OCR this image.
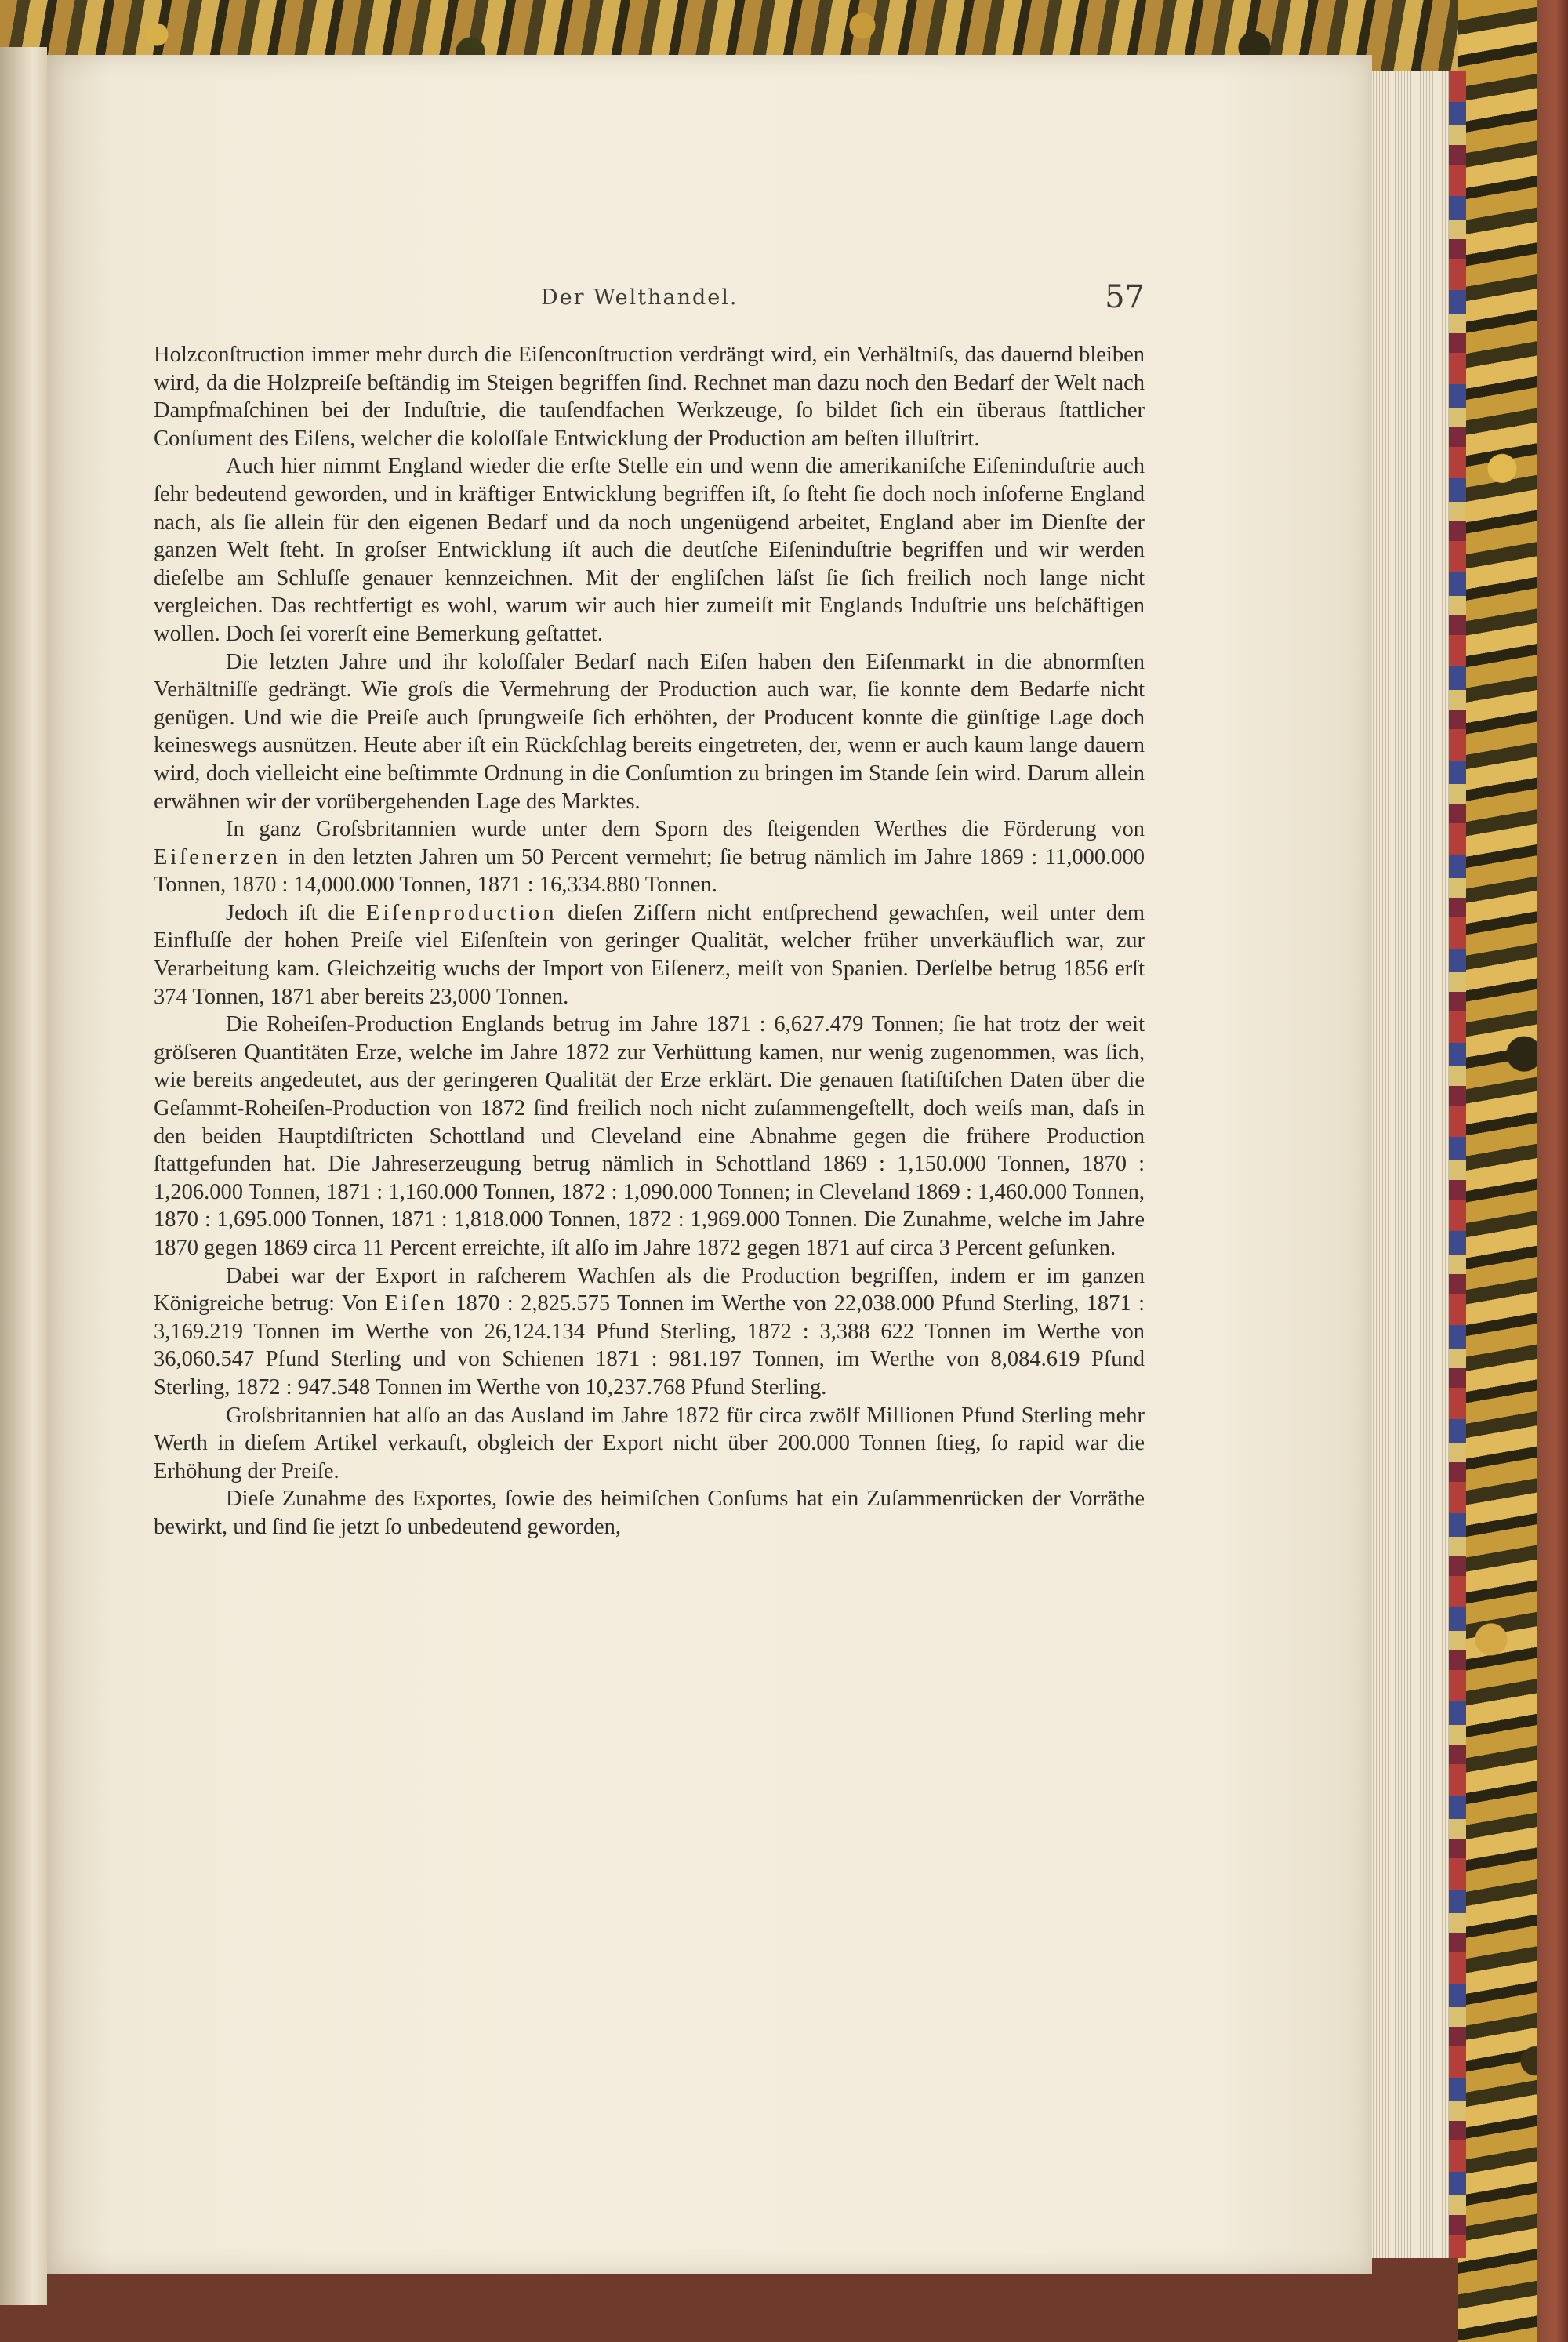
Der Welthandel.	57

Holzconſtruction immer mehr durch die Eiſenconſtruction verdrängt wird, ein Verhältniſs, das dauernd bleiben wird, da die Holzpreiſe beſtändig im Steigen begriffen ſind. Rechnet man dazu noch den Bedarf der Welt nach Dampfmaſchinen bei der Induſtrie, die tauſendfachen Werkzeuge, ſo bildet ſich ein überaus ſtattlicher Conſument des Eiſens, welcher die koloſſale Entwicklung der Production am beſten illuſtrirt.

Auch hier nimmt England wieder die erſte Stelle ein und wenn die amerikaniſche Eiſeninduſtrie auch ſehr bedeutend geworden, und in kräftiger Entwicklung begriffen iſt, ſo ſteht ſie doch noch inſoferne England nach, als ſie allein für den eigenen Bedarf und da noch ungenügend arbeitet, England aber im Dienſte der ganzen Welt ſteht. In groſser Entwicklung iſt auch die deutſche Eiſeninduſtrie begriffen und wir werden dieſelbe am Schluſſe genauer kennzeichnen. Mit der engliſchen läſst ſie ſich freilich noch lange nicht vergleichen. Das rechtfertigt es wohl, warum wir auch hier zumeiſt mit Englands Induſtrie uns beſchäftigen wollen. Doch ſei vorerſt eine Bemerkung geſtattet.

Die letzten Jahre und ihr koloſſaler Bedarf nach Eiſen haben den Eiſenmarkt in die abnormſten Verhältniſſe gedrängt. Wie groſs die Vermehrung der Production auch war, ſie konnte dem Bedarfe nicht genügen. Und wie die Preiſe auch ſprungweiſe ſich erhöhten, der Producent konnte die günſtige Lage doch keineswegs ausnützen. Heute aber iſt ein Rückſchlag bereits eingetreten, der, wenn er auch kaum lange dauern wird, doch vielleicht eine beſtimmte Ordnung in die Conſumtion zu bringen im Stande ſein wird. Darum allein erwähnen wir der vorübergehenden Lage des Marktes.

In ganz Groſsbritannien wurde unter dem Sporn des ſteigenden Werthes die Förderung von Eiſenerzen in den letzten Jahren um 50 Percent vermehrt; ſie betrug nämlich im Jahre 1869 : 11,000.000 Tonnen, 1870 : 14,000.000 Tonnen, 1871 : 16,334.880 Tonnen.

Jedoch iſt die Eiſenproduction dieſen Ziffern nicht entſprechend gewachſen, weil unter dem Einfluſſe der hohen Preiſe viel Eiſenſtein von geringer Qualität, welcher früher unverkäuflich war, zur Verarbeitung kam. Gleichzeitig wuchs der Import von Eiſenerz, meiſt von Spanien. Derſelbe betrug 1856 erſt 374 Tonnen, 1871 aber bereits 23,000 Tonnen.

Die Roheiſen-Production Englands betrug im Jahre 1871 : 6,627.479 Tonnen; ſie hat trotz der weit gröſseren Quantitäten Erze, welche im Jahre 1872 zur Verhüttung kamen, nur wenig zugenommen, was ſich, wie bereits angedeutet, aus der geringeren Qualität der Erze erklärt. Die genauen ſtatiſtiſchen Daten über die Geſammt-Roheiſen-Production von 1872 ſind freilich noch nicht zuſammengeſtellt, doch weiſs man, daſs in den beiden Hauptdiſtricten Schottland und Cleveland eine Abnahme gegen die frühere Production ſtattgefunden hat. Die Jahreserzeugung betrug nämlich in Schottland 1869 : 1,150.000 Tonnen, 1870 : 1,206.000 Tonnen, 1871 : 1,160.000 Tonnen, 1872 : 1,090.000 Tonnen; in Cleveland 1869 : 1,460.000 Tonnen, 1870 : 1,695.000 Tonnen, 1871 : 1,818.000 Tonnen, 1872 : 1,969.000 Tonnen. Die Zunahme, welche im Jahre 1870 gegen 1869 circa 11 Percent erreichte, iſt alſo im Jahre 1872 gegen 1871 auf circa 3 Percent geſunken.

Dabei war der Export in raſcherem Wachſen als die Production begriffen, indem er im ganzen Königreiche betrug: Von Eiſen 1870 : 2,825.575 Tonnen im Werthe von 22,038.000 Pfund Sterling, 1871 : 3,169.219 Tonnen im Werthe von 26,124.134 Pfund Sterling, 1872 : 3,388 622 Tonnen im Werthe von 36,060.547 Pfund Sterling und von Schienen 1871 : 981.197 Tonnen, im Werthe von 8,084.619 Pfund Sterling, 1872 : 947.548 Tonnen im Werthe von 10,237.768 Pfund Sterling.

Groſsbritannien hat alſo an das Ausland im Jahre 1872 für circa zwölf Millionen Pfund Sterling mehr Werth in dieſem Artikel verkauft, obgleich der Export nicht über 200.000 Tonnen ſtieg, ſo rapid war die Erhöhung der Preiſe.

Dieſe Zunahme des Exportes, ſowie des heimiſchen Conſums hat ein Zuſammenrücken der Vorräthe bewirkt, und ſind ſie jetzt ſo unbedeutend geworden,
